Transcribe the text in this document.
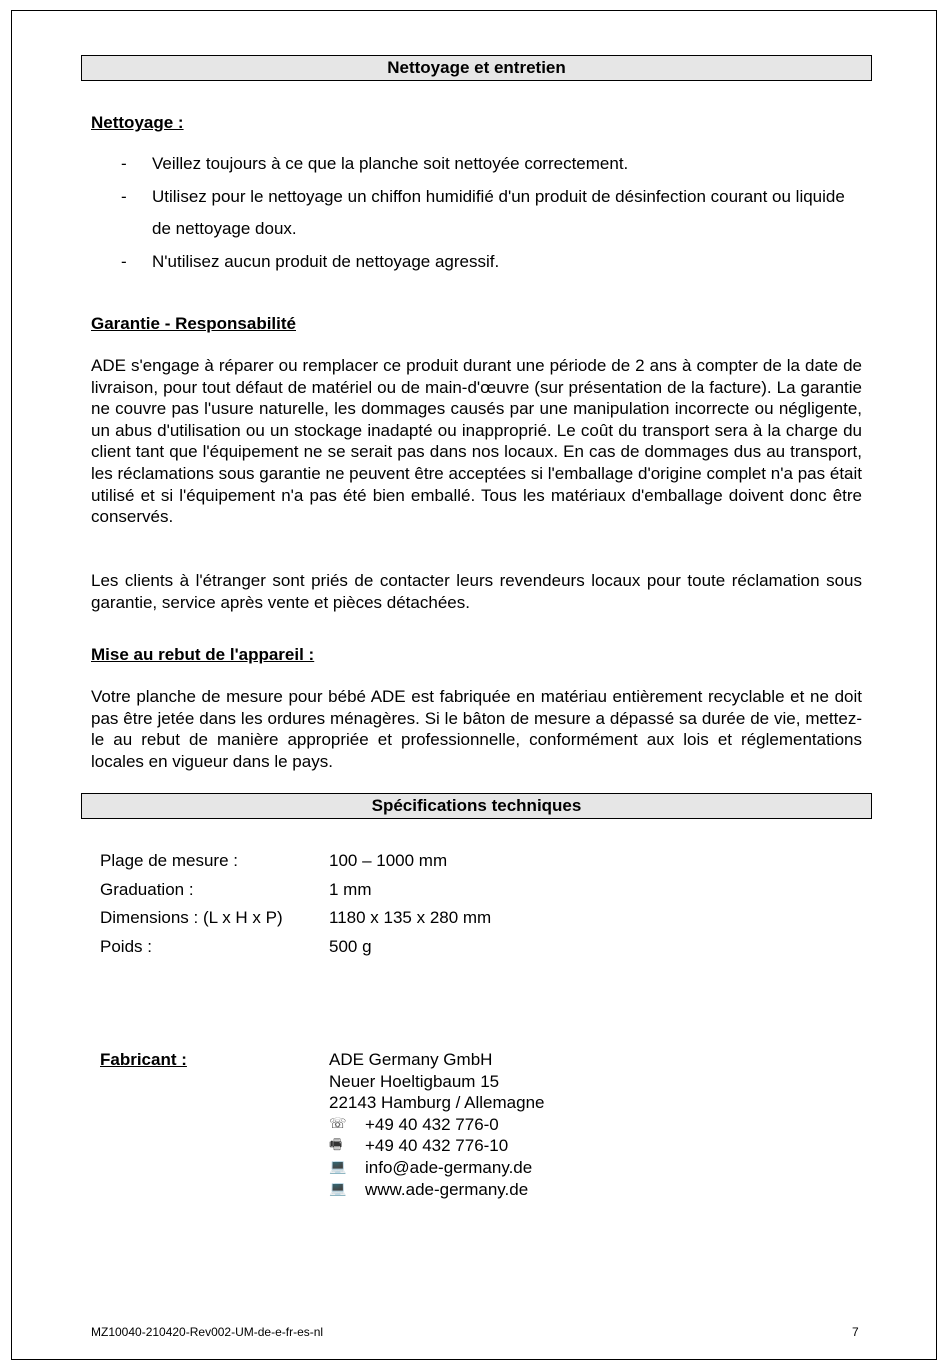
Nettoyage et entretien
Nettoyage :
- Veillez toujours à ce que la planche soit nettoyée correctement.
- Utilisez pour le nettoyage un chiffon humidifié d'un produit de désinfection courant ou liquide de nettoyage doux.
- N'utilisez aucun produit de nettoyage agressif.
Garantie - Responsabilité

ADE s'engage à réparer ou remplacer ce produit durant une période de 2 ans à compter de la date de livraison, pour tout défaut de matériel ou de main-d'œuvre (sur présentation de la facture). La garantie ne couvre pas l'usure naturelle, les dommages causés par une manipulation incorrecte ou négligente, un abus d'utilisation ou un stockage inadapté ou inapproprié. Le coût du transport sera à la charge du client tant que l'équipement ne se serait pas dans nos locaux. En cas de dommages dus au transport, les réclamations sous garantie ne peuvent être acceptées si l'emballage d'origine complet n'a pas était utilisé et si l'équipement n'a pas été bien emballé. Tous les matériaux d'emballage doivent donc être conservés.

Les clients à l'étranger sont priés de contacter leurs revendeurs locaux pour toute réclamation sous garantie, service après vente et pièces détachées.

Mise au rebut de l'appareil :

Votre planche de mesure pour bébé ADE est fabriquée en matériau entièrement recyclable et ne doit pas être jetée dans les ordures ménagères. Si le bâton de mesure a dépassé sa durée de vie, mettez-le au rebut de manière appropriée et professionnelle, conformément aux lois et réglementations locales en vigueur dans le pays.

Spécifications techniques
Plage de mesure :	100 – 1000 mm
Graduation :	1 mm
Dimensions : (L x H x P)	1180 x 135 x 280 mm
Poids :	500 g
Fabricant :	ADE Germany GmbH
Neuer Hoeltigbaum 15
22143 Hamburg / Allemagne
☏	+49 40 432 776-0
🖷	+49 40 432 776-10
💻	info@ade-germany.de
💻	www.ade-germany.de
MZ10040-210420-Rev002-UM-de-e-fr-es-nl	7
